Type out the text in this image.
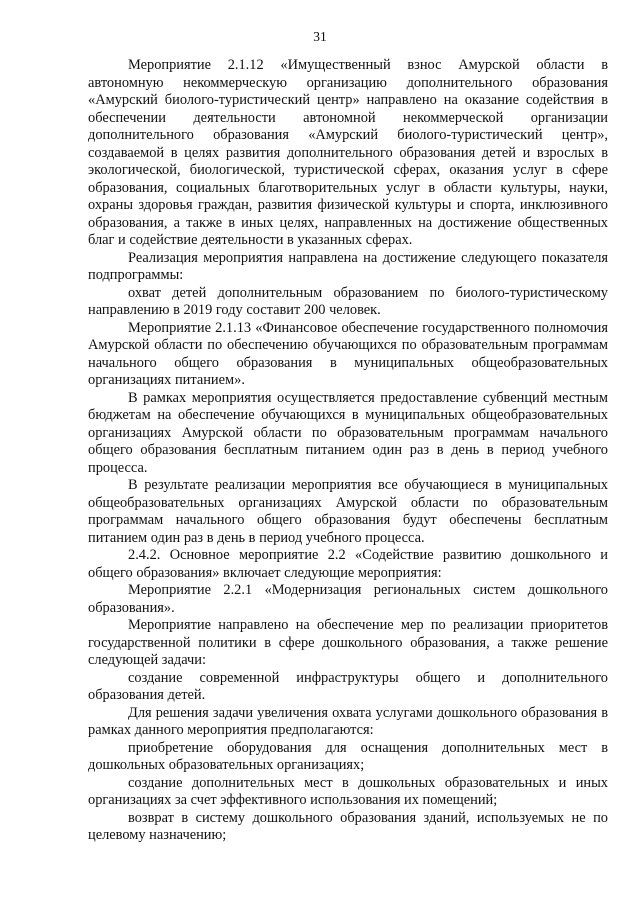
31

Мероприятие 2.1.12 «Имущественный взнос Амурской области в автономную некоммерческую организацию дополнительного образования «Амурский биолого-туристический центр» направлено на оказание содействия в обеспечении деятельности автономной некоммерческой организации дополнительного образования «Амурский биолого-туристический центр», создаваемой в целях развития дополнительного образования детей и взрослых в экологической, биологической, туристической сферах, оказания услуг в сфере образования, социальных благотворительных услуг в области культуры, науки, охраны здоровья граждан, развития физической культуры и спорта, инклюзивного образования, а также в иных целях, направленных на достижение общественных благ и содействие деятельности в указанных сферах.

Реализация мероприятия направлена на достижение следующего показателя подпрограммы:

охват детей дополнительным образованием по биолого-туристическому направлению в 2019 году составит 200 человек.

Мероприятие 2.1.13 «Финансовое обеспечение государственного полномочия Амурской области по обеспечению обучающихся по образовательным программам начального общего образования в муниципальных общеобразовательных организациях питанием».

В рамках мероприятия осуществляется предоставление субвенций местным бюджетам на обеспечение обучающихся в муниципальных общеобразовательных организациях Амурской области по образовательным программам начального общего образования бесплатным питанием один раз в день в период учебного процесса.

В результате реализации мероприятия все обучающиеся в муниципальных общеобразовательных организациях Амурской области по образовательным программам начального общего образования будут обеспечены бесплатным питанием один раз в день в период учебного процесса.

2.4.2. Основное мероприятие 2.2 «Содействие развитию дошкольного и общего образования» включает следующие мероприятия:

Мероприятие 2.2.1 «Модернизация региональных систем дошкольного образования».

Мероприятие направлено на обеспечение мер по реализации приоритетов государственной политики в сфере дошкольного образования, а также решение следующей задачи:

создание современной инфраструктуры общего и дополнительного образования детей.

Для решения задачи увеличения охвата услугами дошкольного образования в рамках данного мероприятия предполагаются:

приобретение оборудования для оснащения дополнительных мест в дошкольных образовательных организациях;

создание дополнительных мест в дошкольных образовательных и иных организациях за счет эффективного использования их помещений;

возврат в систему дошкольного образования зданий, используемых не по целевому назначению;
